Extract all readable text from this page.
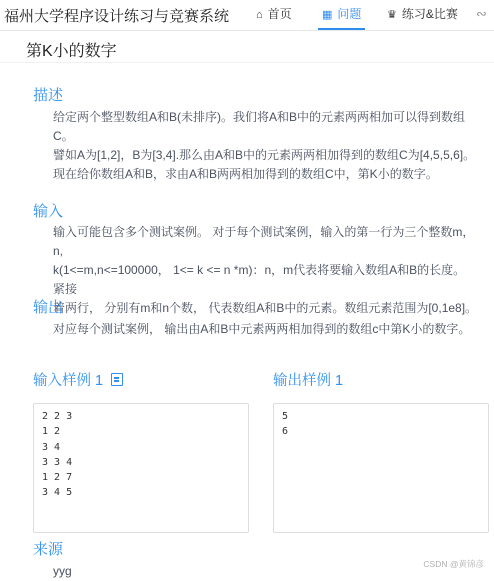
福州大学程序设计练习与竞赛系统 ⌂ 首页	▦ 问题	♛ 练习&比赛 ∾
第K小的数字
描述

给定两个整型数组A和B(未排序)。我们将A和B中的元素两两相加可以得到数组C。

譬如A为[1,2]，B为[3,4].那么由A和B中的元素两两相加得到的数组C为[4,5,5,6]。

现在给你数组A和B，求由A和B两两相加得到的数组C中，第K小的数字。

输入

输入可能包含多个测试案例。 对于每个测试案例，输入的第一行为三个整数m，n,

k(1<=m,n<=100000， 1<= k <= n *m)：n，m代表将要输入数组A和B的长度。 紧接

着两行， 分别有m和n个数， 代表数组A和B中的元素。数组元素范围为[0,1e8]。

输出

对应每个测试案例， 输出由A和B中元素两两相加得到的数组c中第K小的数字。

输入样例 1	输出样例 1
2 2 3
1 2
3 4
3 3 4
1 2 7
3 4 5
5
6
来源
yyg	CSDN @黄锦彦
